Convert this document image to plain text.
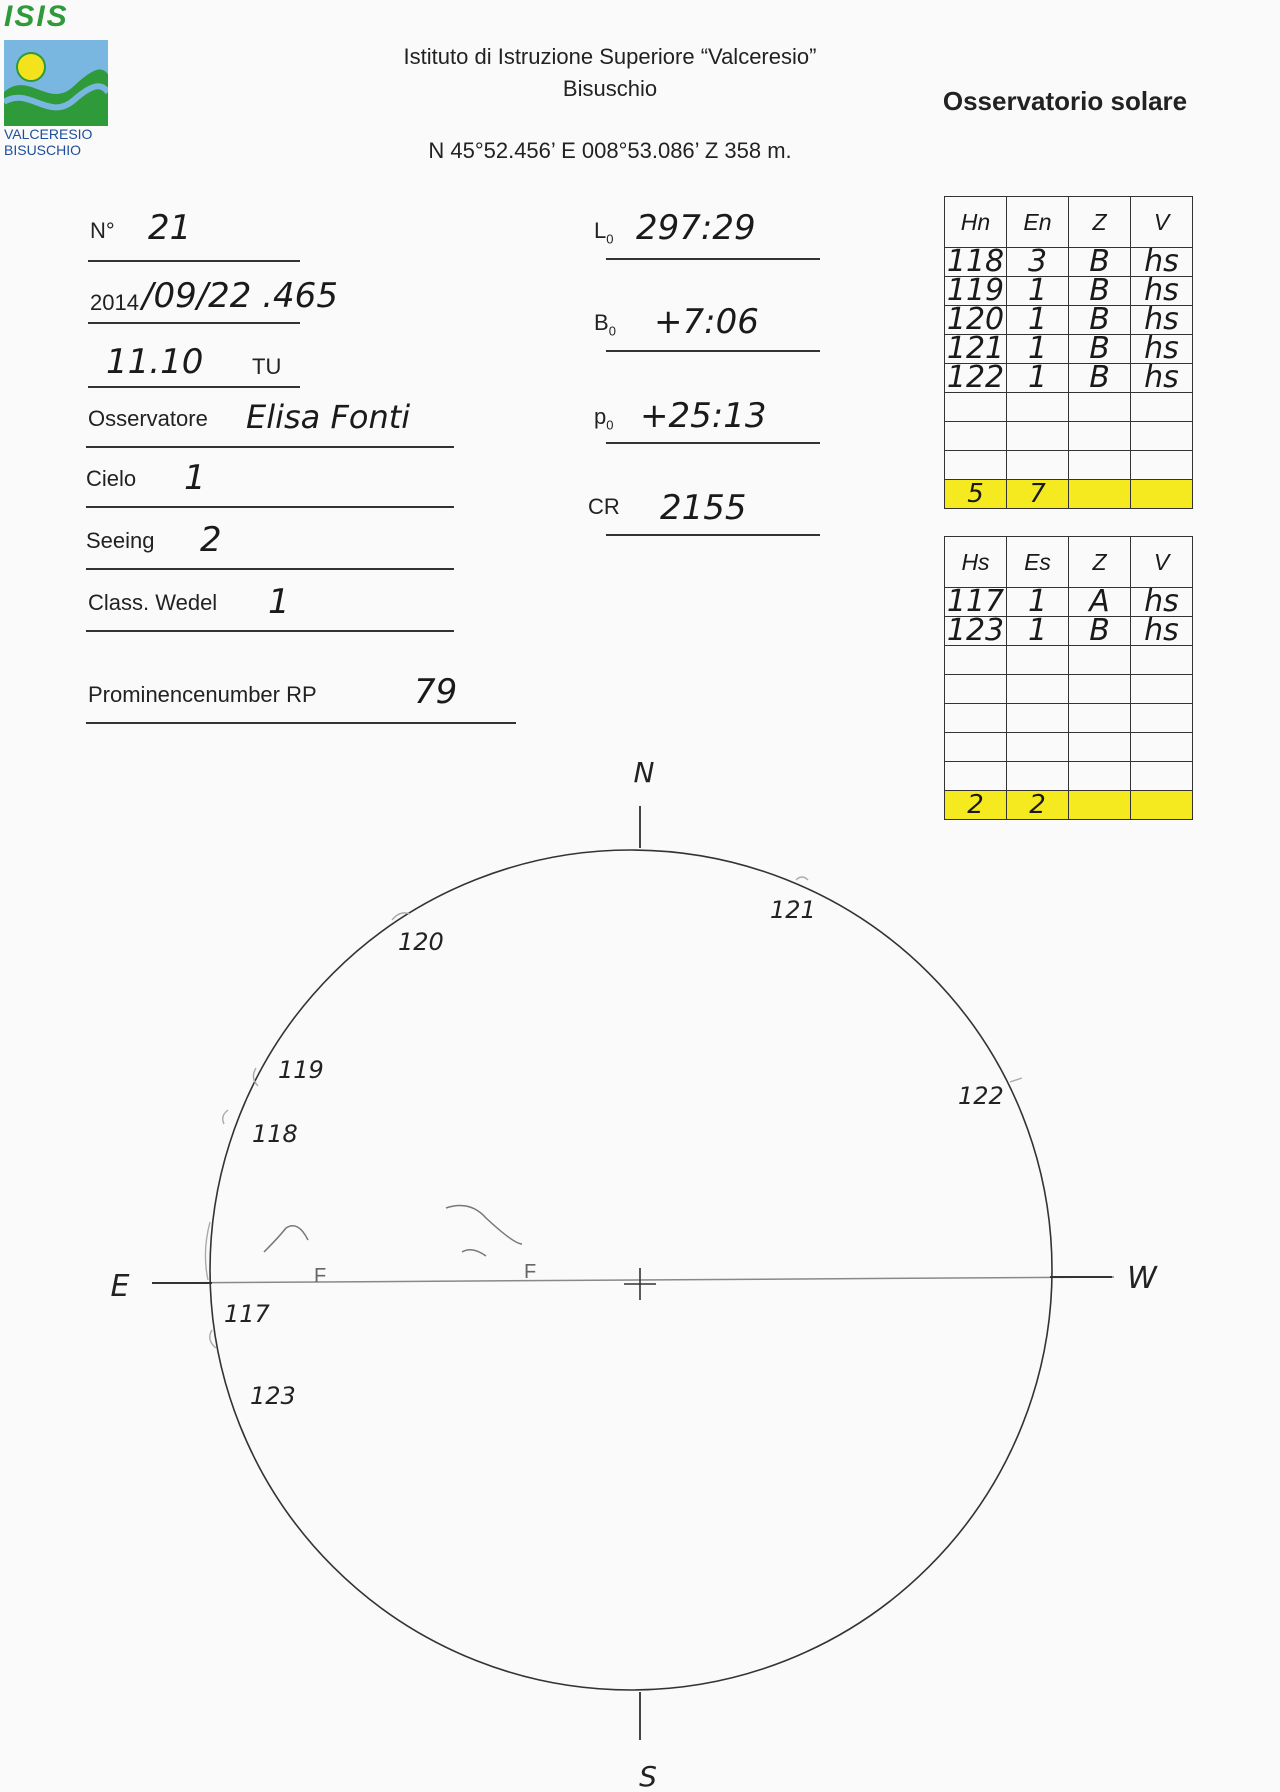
ISIS
VALCERESIO
BISUSCHIO
Istituto di Istruzione Superiore “Valceresio”
Bisuschio
N 45°52.456’ E 008°53.086’ Z 358 m.
Osservatorio solare
N° 21
2014 /09/22 .465
11.10 TU
Osservatore Elisa Fonti
Cielo 1
Seeing 2
Class. Wedel 1
Prominencenumber RP	79
$L_0$ 297:29
$B_0$ +7:06
$p_0$ +25:13
CR 2155
Hn	En	Z	V
118	3	B	hs
119	1	B	hs
120	1	B	hs
121	1	B	hs
122	1	B	hs

5	7		
Hs	Es	Z	V
117	1	A	hs
123	1	B	hs

2	2		
N
S
E	W
120
121
119
118
122
117
123
F	F
